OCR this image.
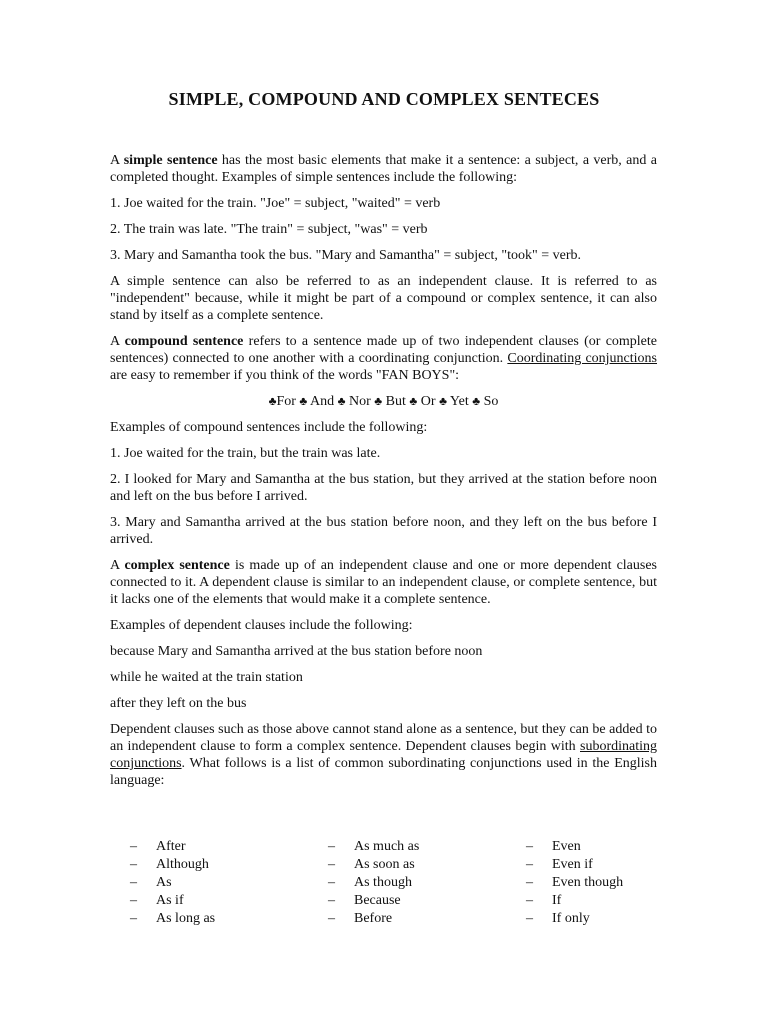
SIMPLE, COMPOUND AND COMPLEX SENTECES

A simple sentence has the most basic elements that make it a sentence: a subject, a verb, and a completed thought. Examples of simple sentences include the following:

1. Joe waited for the train. "Joe" = subject, "waited" = verb

2. The train was late. "The train" = subject, "was" = verb

3. Mary and Samantha took the bus. "Mary and Samantha" = subject, "took" = verb.

A simple sentence can also be referred to as an independent clause. It is referred to as "independent" because, while it might be part of a compound or complex sentence, it can also stand by itself as a complete sentence.

A compound sentence refers to a sentence made up of two independent clauses (or complete sentences) connected to one another with a coordinating conjunction. Coordinating conjunctions are easy to remember if you think of the words "FAN BOYS":

♣For ♣ And ♣ Nor ♣ But ♣ Or ♣ Yet ♣ So

Examples of compound sentences include the following:

1. Joe waited for the train, but the train was late.

2. I looked for Mary and Samantha at the bus station, but they arrived at the station before noon and left on the bus before I arrived.

3. Mary and Samantha arrived at the bus station before noon, and they left on the bus before I arrived.

A complex sentence is made up of an independent clause and one or more dependent clauses connected to it. A dependent clause is similar to an independent clause, or complete sentence, but it lacks one of the elements that would make it a complete sentence.

Examples of dependent clauses include the following:

because Mary and Samantha arrived at the bus station before noon

while he waited at the train station

after they left on the bus

Dependent clauses such as those above cannot stand alone as a sentence, but they can be added to an independent clause to form a complex sentence. Dependent clauses begin with subordinating conjunctions. What follows is a list of common subordinating conjunctions used in the English language:

–	After	–	As much as	–	Even
–	Although	–	As soon as	–	Even if
–	As	–	As though	–	Even though
–	As if	–	Because	–	If
–	As long as	–	Before	–	If only
